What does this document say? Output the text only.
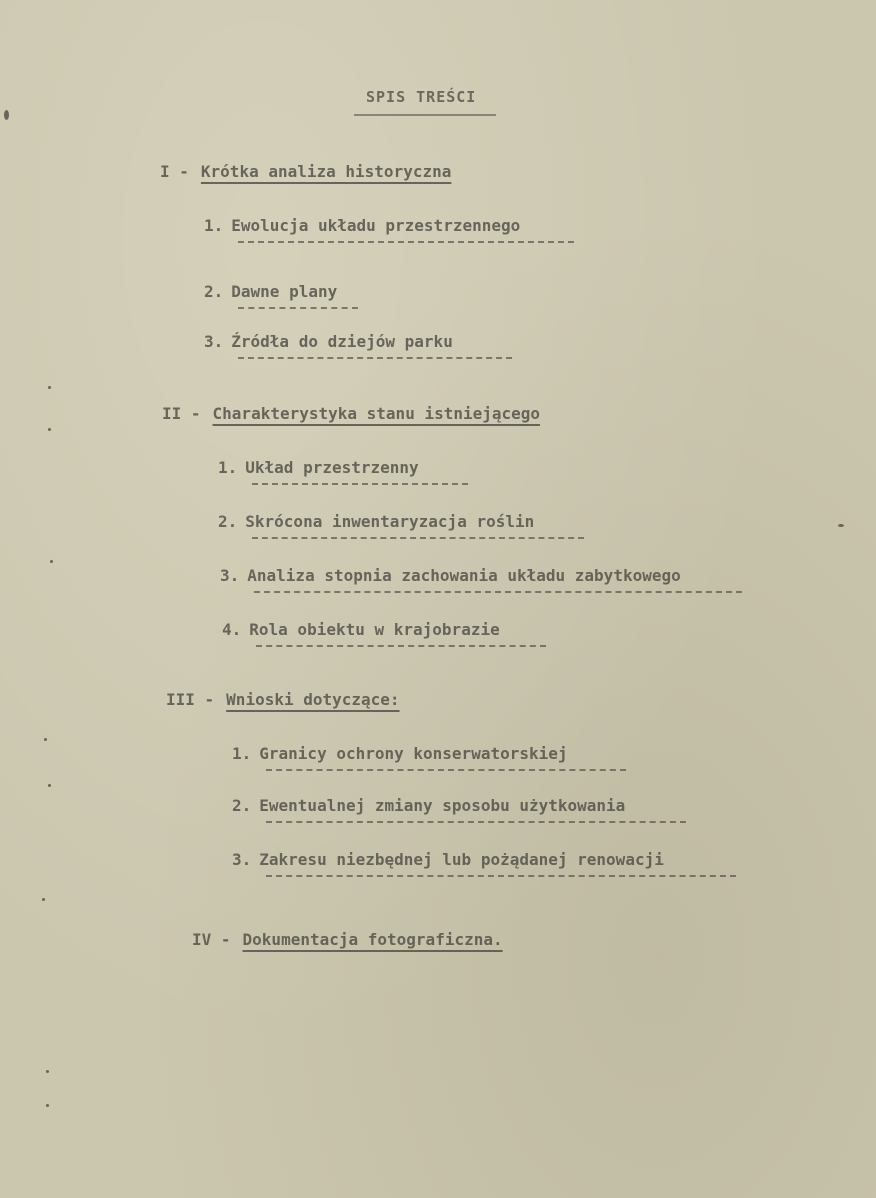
SPIS TREŚCI
I - Krótka analiza historyczna
1. Ewolucja układu przestrzennego
2. Dawne plany
3. Źródła do dziejów parku
II - Charakterystyka stanu istniejącego
1. Układ przestrzenny
2. Skrócona inwentaryzacja roślin
3. Analiza stopnia zachowania układu zabytkowego
4. Rola obiektu w krajobrazie
III - Wnioski dotyczące:
1. Granicy ochrony konserwatorskiej
2. Ewentualnej zmiany sposobu użytkowania
3. Zakresu niezbędnej lub pożądanej renowacji
IV - Dokumentacja fotograficzna.
